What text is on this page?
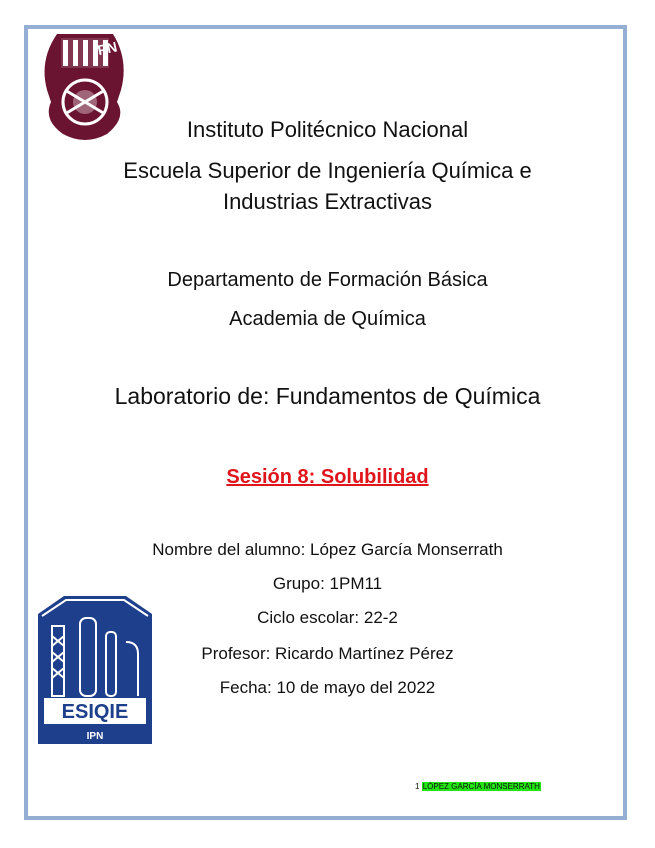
IPN
Instituto Politécnico Nacional
Escuela Superior de Ingeniería Química e
Industrias Extractivas
Departamento de Formación Básica
Academia de Química
Laboratorio de: Fundamentos de Química
Sesión 8: Solubilidad
Nombre del alumno: López García Monserrath
Grupo: 1PM11
Ciclo escolar: 22-2
Profesor: Ricardo Martínez Pérez
Fecha: 10 de mayo del 2022
ESIQIE
IPN
1 LÓPEZ GARCÍA MONSERRATH
